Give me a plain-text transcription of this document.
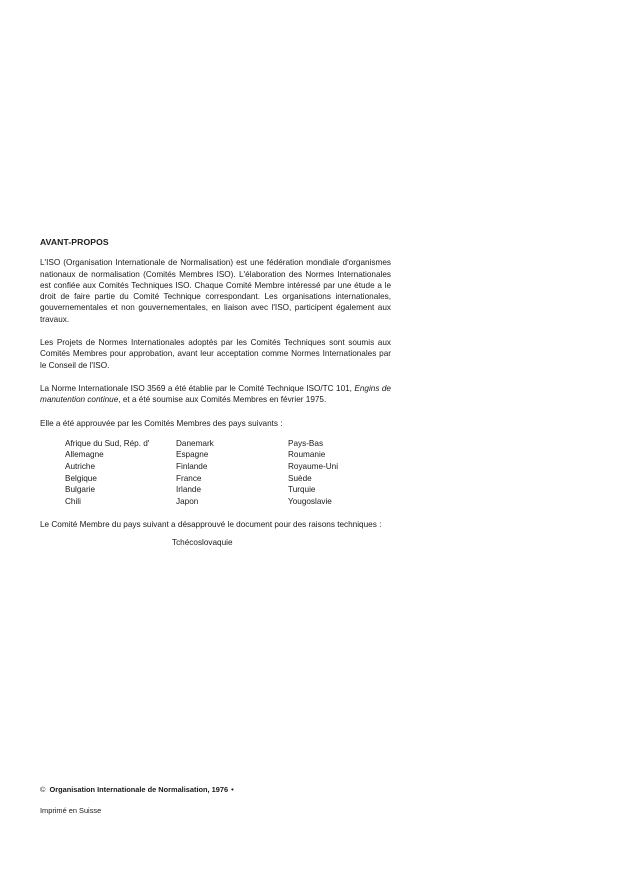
AVANT-PROPOS

L'ISO (Organisation Internationale de Normalisation) est une fédération mondiale d'organismes nationaux de normalisation (Comités Membres ISO). L'élaboration des Normes Internationales est confiée aux Comités Techniques ISO. Chaque Comité Membre intéressé par une étude a le droit de faire partie du Comité Technique correspondant. Les organisations internationales, gouvernementales et non gouvernementales, en liaison avec l'ISO, participent également aux travaux.

Les Projets de Normes Internationales adoptés par les Comités Techniques sont soumis aux Comités Membres pour approbation, avant leur acceptation comme Normes Internationales par le Conseil de l'ISO.

La Norme Internationale ISO 3569 a été établie par le Comité Technique ISO/TC 101, Engins de manutention continue, et a été soumise aux Comités Membres en février 1975.

Elle a été approuvée par les Comités Membres des pays suivants :

Afrique du Sud, Rép. d'
Allemagne
Autriche
Belgique
Bulgarie
Chili
Danemark
Espagne
Finlande
France
Irlande
Japon
Pays-Bas
Roumanie
Royaume-Uni
Suède
Turquie
Yougoslavie

Le Comité Membre du pays suivant a désapprouvé le document pour des raisons techniques :

Tchécoslovaquie
© Organisation Internationale de Normalisation, 1976 •
Imprimé en Suisse
